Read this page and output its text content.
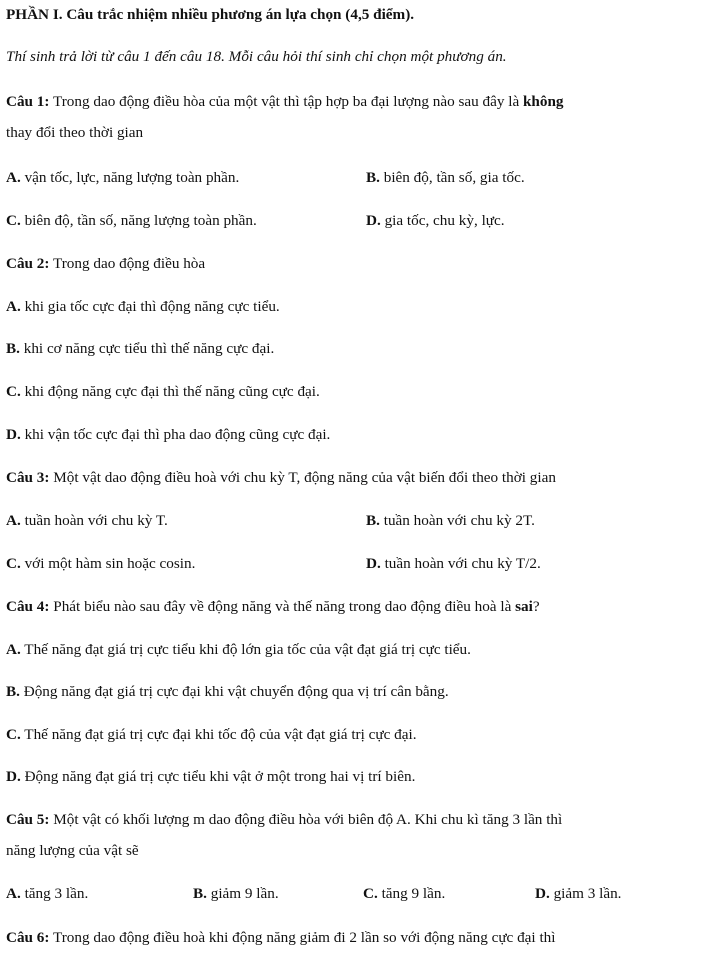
PHẦN I. Câu trắc nhiệm nhiều phương án lựa chọn (4,5 điểm).
Thí sinh trả lời từ câu 1 đến câu 18. Mỗi câu hỏi thí sinh chỉ chọn một phương án.
Câu 1: Trong dao động điều hòa của một vật thì tập hợp ba đại lượng nào sau đây là không
thay đổi theo thời gian
A. vận tốc, lực, năng lượng toàn phần.	B. biên độ, tần số, gia tốc.
C. biên độ, tần số, năng lượng toàn phần.	D. gia tốc, chu kỳ, lực.
Câu 2: Trong dao động điều hòa
A. khi gia tốc cực đại thì động năng cực tiểu.
B. khi cơ năng cực tiểu thì thế năng cực đại.
C. khi động năng cực đại thì thế năng cũng cực đại.
D. khi vận tốc cực đại thì pha dao động cũng cực đại.
Câu 3: Một vật dao động điều hoà với chu kỳ T, động năng của vật biến đổi theo thời gian
A. tuần hoàn với chu kỳ T.	B. tuần hoàn với chu kỳ 2T.
C. với một hàm sin hoặc cosin.	D. tuần hoàn với chu kỳ T/2.
Câu 4: Phát biểu nào sau đây về động năng và thế năng trong dao động điều hoà là sai?
A. Thế năng đạt giá trị cực tiểu khi độ lớn gia tốc của vật đạt giá trị cực tiểu.
B. Động năng đạt giá trị cực đại khi vật chuyển động qua vị trí cân bằng.
C. Thế năng đạt giá trị cực đại khi tốc độ của vật đạt giá trị cực đại.
D. Động năng đạt giá trị cực tiểu khi vật ở một trong hai vị trí biên.
Câu 5: Một vật có khối lượng m dao động điều hòa với biên độ A. Khi chu kì tăng 3 lần thì
năng lượng của vật sẽ
A. tăng 3 lần.	B. giảm 9 lần.	C. tăng 9 lần.	D. giảm 3 lần.
Câu 6: Trong dao động điều hoà khi động năng giảm đi 2 lần so với động năng cực đại thì
